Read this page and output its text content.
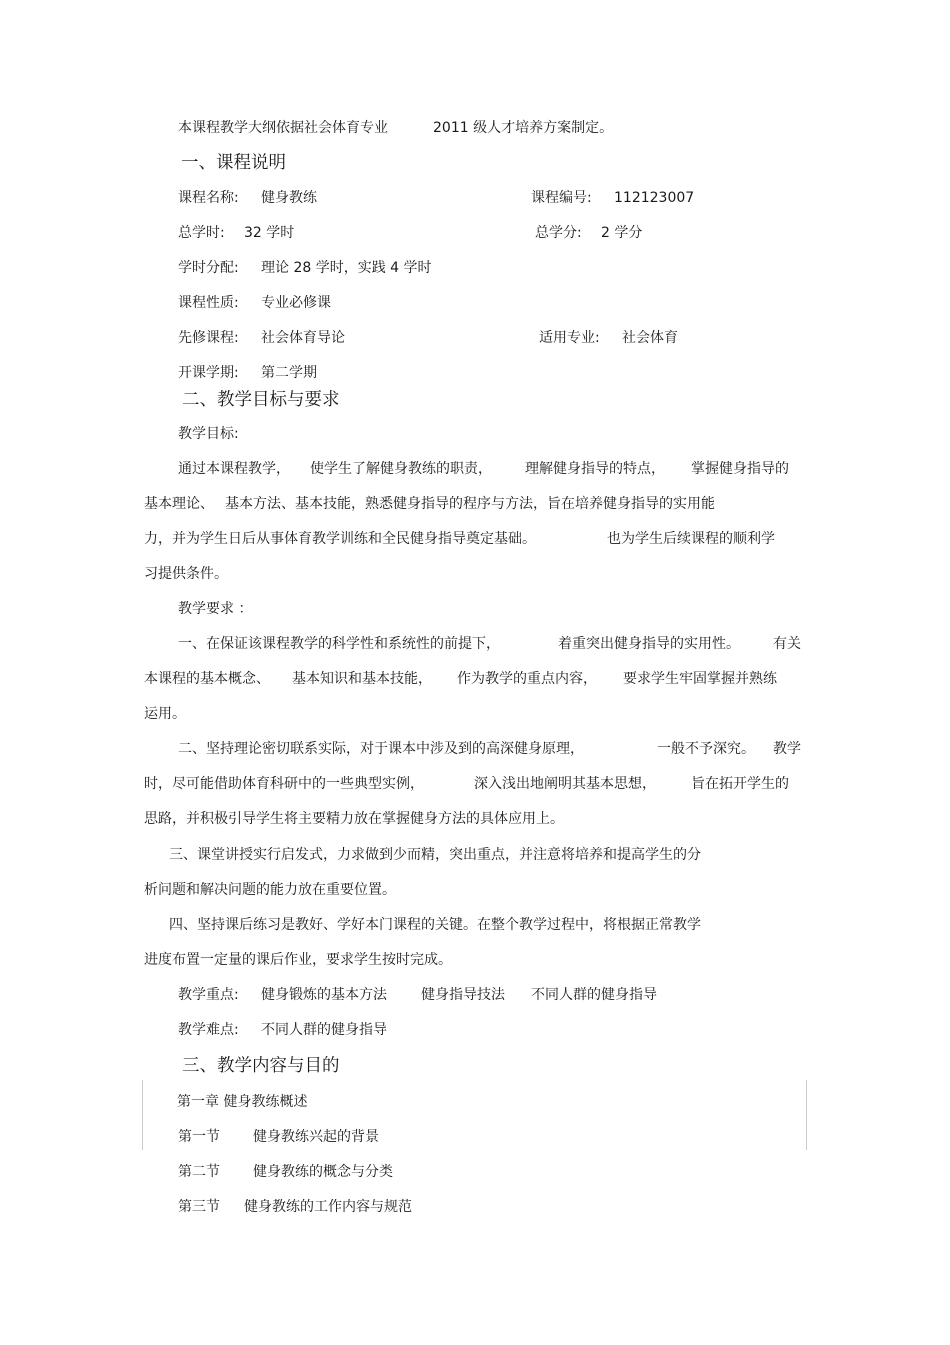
本课程教学大纲依据社会体育专业	2011 级人才培养方案制定。
一、课程说明
课程名称: 健身教练	课程编号: 112123007
总学时: 32 学时	总学分: 2 学分
学时分配: 理论 28 学时，实践 4 学时
课程性质: 专业必修课
先修课程: 社会体育导论	适用专业: 社会体育
开课学期: 第二学期
二、教学目标与要求
教学目标:
通过本课程教学， 使学生了解健身教练的职责， 理解健身指导的特点， 掌握健身指导的
基本理论、 基本方法、基本技能，熟悉健身指导的程序与方法，旨在培养健身指导的实用能
力，并为学生日后从事体育教学训练和全民健身指导奠定基础。	也为学生后续课程的顺利学
习提供条件。
教学要求 ：
一、在保证该课程教学的科学性和系统性的前提下，	着重突出健身指导的实用性。 有关
本课程的基本概念、 基本知识和基本技能， 作为教学的重点内容， 要求学生牢固掌握并熟练
运用。
二、坚持理论密切联系实际，对于课本中涉及到的高深健身原理，	一般不予深究。 教学
时，尽可能借助体育科研中的一些典型实例，	深入浅出地阐明其基本思想，	旨在拓开学生的
思路，并积极引导学生将主要精力放在掌握健身方法的具体应用上。
三、课堂讲授实行启发式，力求做到少而精，突出重点，并注意将培养和提高学生的分
析问题和解决问题的能力放在重要位置。
四、坚持课后练习是教好、学好本门课程的关键。在整个教学过程中，将根据正常教学
进度布置一定量的课后作业，要求学生按时完成。
教学重点: 健身锻炼的基本方法 健身指导技法 不同人群的健身指导
教学难点: 不同人群的健身指导
三、教学内容与目的
第一章 健身教练概述
第一节 健身教练兴起的背景
第二节 健身教练的概念与分类
第三节 健身教练的工作内容与规范
